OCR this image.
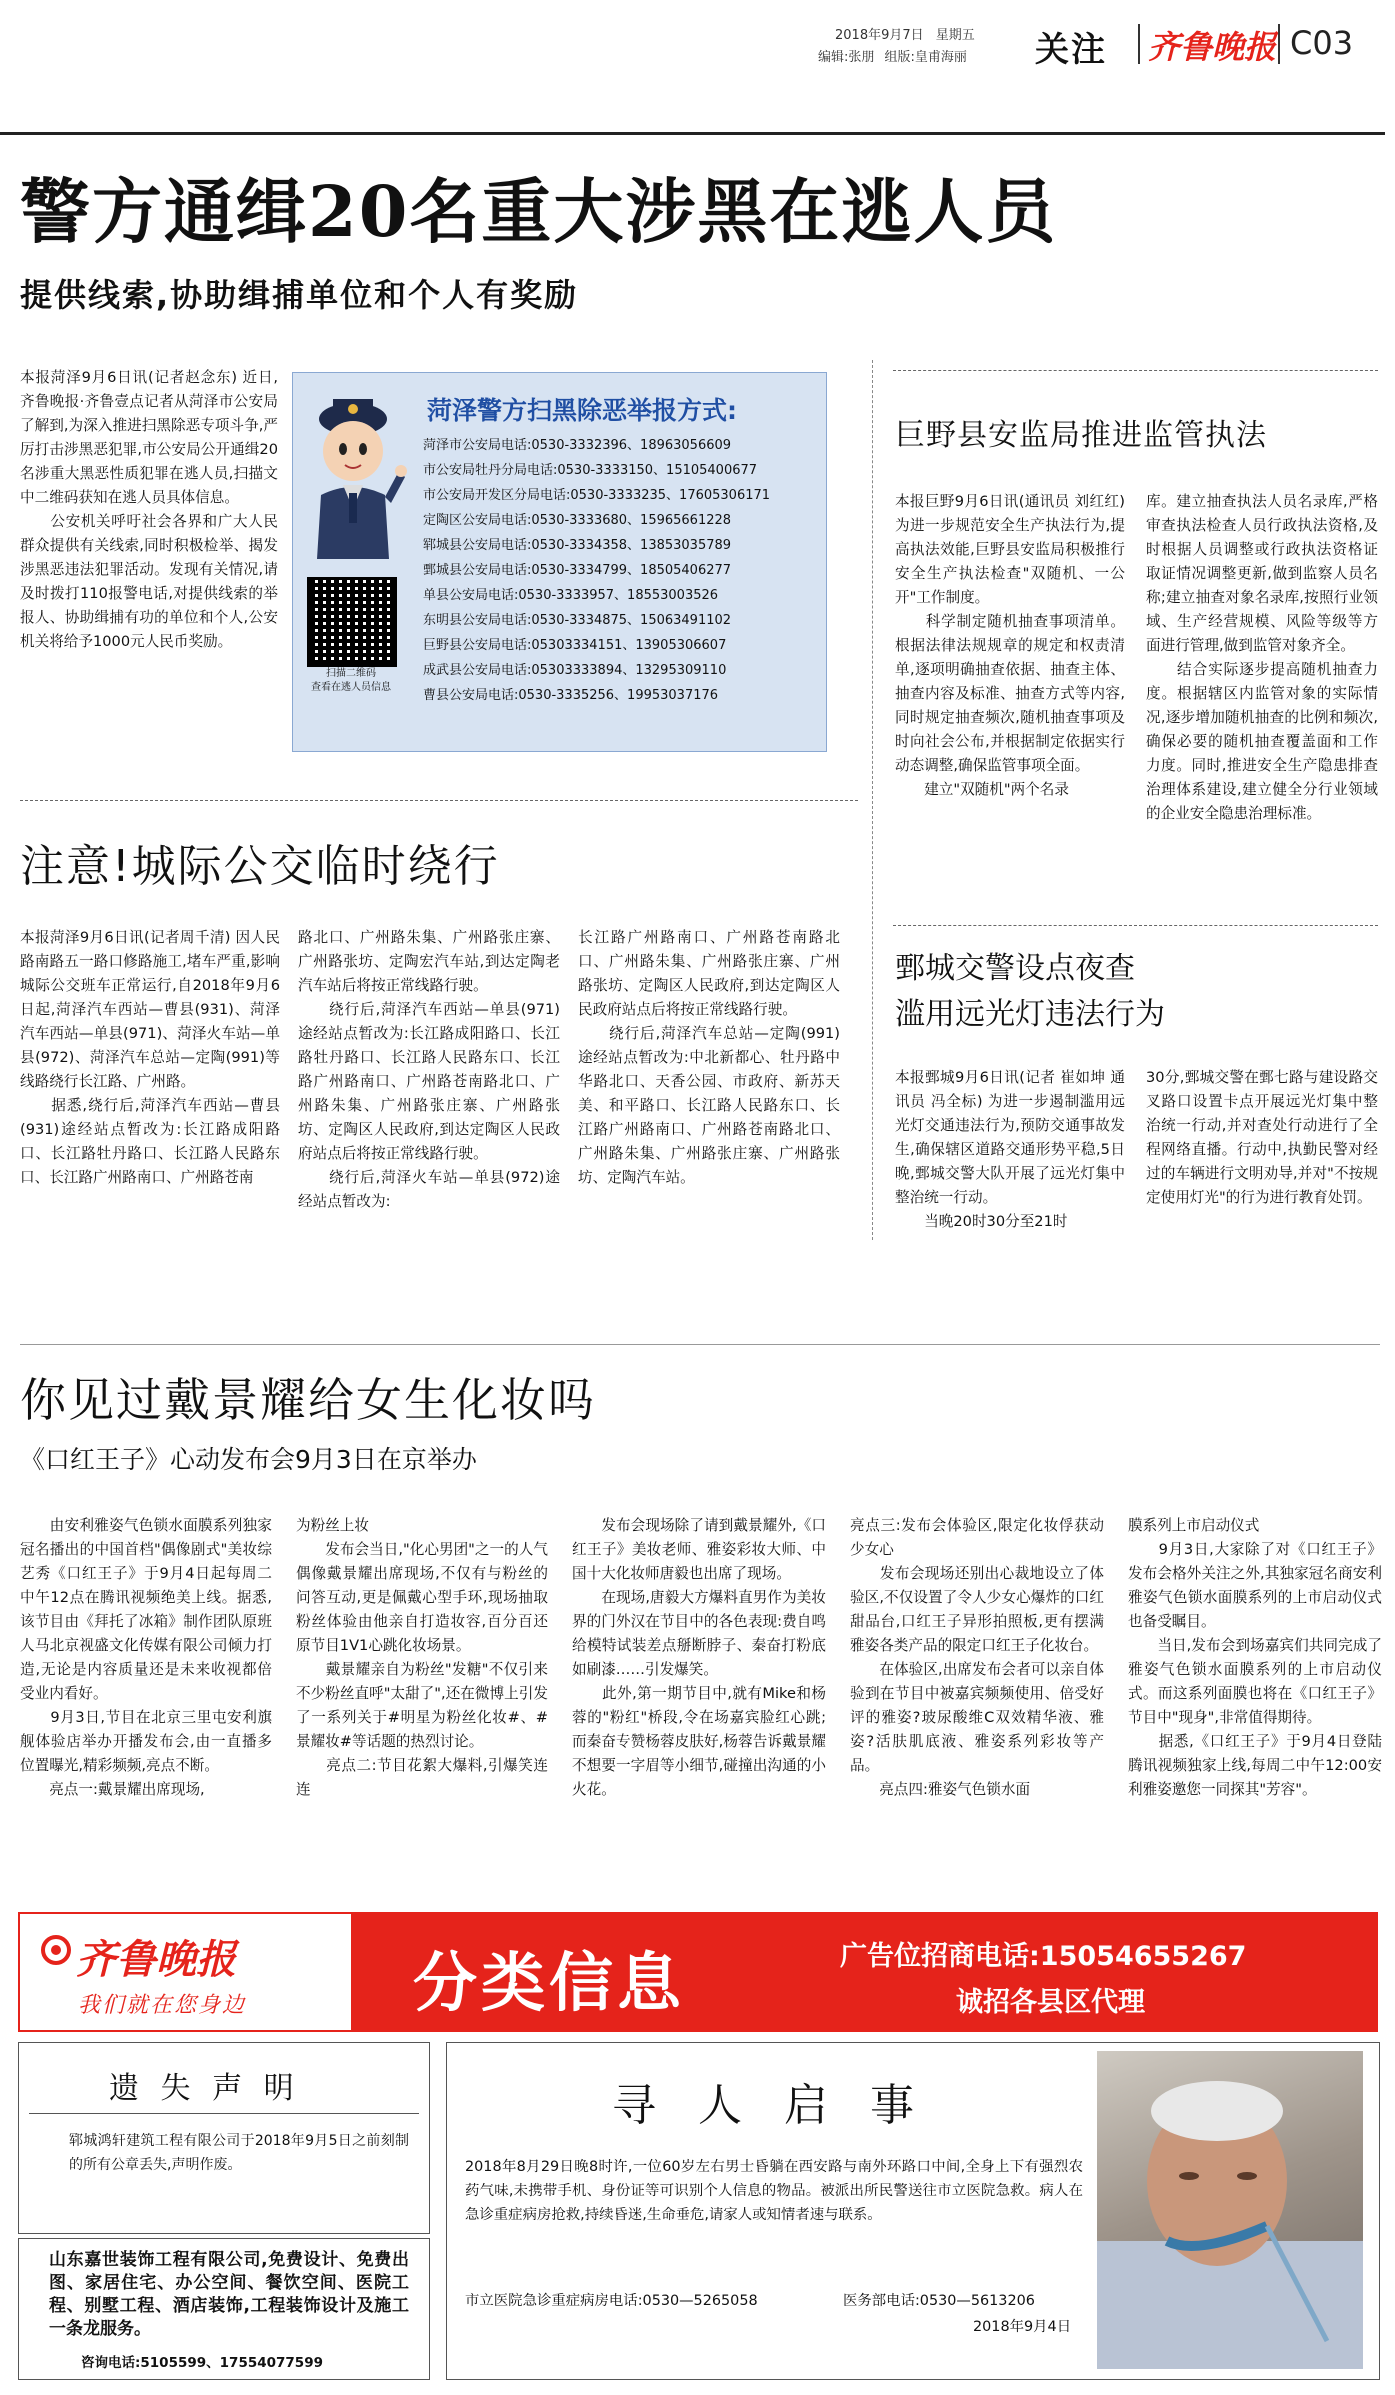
2018年9月7日 星期五
编辑:张朋 组版:皇甫海丽 关注 齐鲁晚报 C03
警方通缉20名重大涉黑在逃人员
提供线索,协助缉捕单位和个人有奖励

本报菏泽9月6日讯(记者赵念东) 近日,齐鲁晚报·齐鲁壹点记者从菏泽市公安局了解到,为深入推进扫黑除恶专项斗争,严厉打击涉黑恶犯罪,市公安局公开通缉20名涉重大黑恶性质犯罪在逃人员,扫描文中二维码获知在逃人员具体信息。
　　公安机关呼吁社会各界和广大人民群众提供有关线索,同时积极检举、揭发涉黑恶违法犯罪活动。发现有关情况,请及时拨打110报警电话,对提供线索的举报人、协助缉捕有功的单位和个人,公安机关将给予1000元人民币奖励。

扫描二维码
查看在逃人员信息
菏泽警方扫黑除恶举报方式:
菏泽市公安局电话:0530-3332396、18963056609
市公安局牡丹分局电话:0530-3333150、15105400677
市公安局开发区分局电话:0530-3333235、17605306171
定陶区公安局电话:0530-3333680、15965661228
郓城县公安局电话:0530-3334358、13853035789
鄄城县公安局电话:0530-3334799、18505406277
单县公安局电话:0530-3333957、18553003526
东明县公安局电话:0530-3334875、15063491102
巨野县公安局电话:05303334151、13905306607
成武县公安局电话:05303333894、13295309110
曹县公安局电话:0530-3335256、19953037176
巨野县安监局推进监管执法

本报巨野9月6日讯(通讯员 刘红红) 为进一步规范安全生产执法行为,提高执法效能,巨野县安监局积极推行安全生产执法检查"双随机、一公开"工作制度。
　　科学制定随机抽查事项清单。根据法律法规规章的规定和权责清单,逐项明确抽查依据、抽查主体、抽查内容及标准、抽查方式等内容,同时规定抽查频次,随机抽查事项及时向社会公布,并根据制定依据实行动态调整,确保监管事项全面。
　　建立"双随机"两个名录

库。建立抽查执法人员名录库,严格审查执法检查人员行政执法资格,及时根据人员调整或行政执法资格证取证情况调整更新,做到监察人员名称;建立抽查对象名录库,按照行业领域、生产经营规模、风险等级等方面进行管理,做到监管对象齐全。
　　结合实际逐步提高随机抽查力度。根据辖区内监管对象的实际情况,逐步增加随机抽查的比例和频次,确保必要的随机抽查覆盖面和工作力度。同时,推进安全生产隐患排查治理体系建设,建立健全分行业领域的企业安全隐患治理标准。

注意!城际公交临时绕行

本报菏泽9月6日讯(记者周千清) 因人民路南路五一路口修路施工,堵车严重,影响城际公交班车正常运行,自2018年9月6日起,菏泽汽车西站—曹县(931)、菏泽汽车西站—单县(971)、菏泽火车站—单县(972)、菏泽汽车总站—定陶(991)等线路绕行长江路、广州路。
　　据悉,绕行后,菏泽汽车西站—曹县(931)途经站点暂改为:长江路成阳路口、长江路牡丹路口、长江路人民路东口、长江路广州路南口、广州路苍南

路北口、广州路朱集、广州路张庄寨、广州路张坊、定陶宏汽车站,到达定陶老汽车站后将按正常线路行驶。
　　绕行后,菏泽汽车西站—单县(971)途经站点暂改为:长江路成阳路口、长江路牡丹路口、长江路人民路东口、长江路广州路南口、广州路苍南路北口、广州路朱集、广州路张庄寨、广州路张坊、定陶区人民政府,到达定陶区人民政府站点后将按正常线路行驶。
　　绕行后,菏泽火车站—单县(972)途经站点暂改为:

长江路广州路南口、广州路苍南路北口、广州路朱集、广州路张庄寨、广州路张坊、定陶区人民政府,到达定陶区人民政府站点后将按正常线路行驶。
　　绕行后,菏泽汽车总站—定陶(991)途经站点暂改为:中北新都心、牡丹路中华路北口、天香公园、市政府、新苏天美、和平路口、长江路人民路东口、长江路广州路南口、广州路苍南路北口、广州路朱集、广州路张庄寨、广州路张坊、定陶汽车站。

鄄城交警设点夜查
滥用远光灯违法行为

本报鄄城9月6日讯(记者 崔如坤 通讯员 冯全标) 为进一步遏制滥用远光灯交通违法行为,预防交通事故发生,确保辖区道路交通形势平稳,5日晚,鄄城交警大队开展了远光灯集中整治统一行动。
　　当晚20时30分至21时

30分,鄄城交警在鄄七路与建设路交叉路口设置卡点开展远光灯集中整治统一行动,并对查处行动进行了全程网络直播。行动中,执勤民警对经过的车辆进行文明劝导,并对"不按规定使用灯光"的行为进行教育处罚。

你见过戴景耀给女生化妆吗
《口红王子》心动发布会9月3日在京举办

　　由安利雅姿气色锁水面膜系列独家冠名播出的中国首档"偶像剧式"美妆综艺秀《口红王子》于9月4日起每周二中午12点在腾讯视频绝美上线。据悉,该节目由《拜托了冰箱》制作团队原班人马北京视盛文化传媒有限公司倾力打造,无论是内容质量还是未来收视都倍受业内看好。
　　9月3日,节目在北京三里屯安利旗舰体验店举办开播发布会,由一直播多位置曝光,精彩频频,亮点不断。
　　亮点一:戴景耀出席现场,

为粉丝上妆
　　发布会当日,"化心男团"之一的人气偶像戴景耀出席现场,不仅有与粉丝的问答互动,更是佩戴心型手环,现场抽取粉丝体验由他亲自打造妆容,百分百还原节目1V1心跳化妆场景。
　　戴景耀亲自为粉丝"发糖"不仅引来不少粉丝直呼"太甜了",还在微博上引发了一系列关于#明星为粉丝化妆#、#景耀妆#等话题的热烈讨论。
　　亮点二:节目花絮大爆料,引爆笑连连

　　发布会现场除了请到戴景耀外,《口红王子》美妆老师、雅姿彩妆大师、中国十大化妆师唐毅也出席了现场。
　　在现场,唐毅大方爆料直男作为美妆界的门外汉在节目中的各色表现:费自鸣给模特试装差点掰断脖子、秦奋打粉底如刷漆……引发爆笑。
　　此外,第一期节目中,就有Mike和杨蓉的"粉红"桥段,令在场嘉宾脸红心跳;而秦奋专赞杨蓉皮肤好,杨蓉告诉戴景耀不想要一字眉等小细节,碰撞出沟通的小火花。

亮点三:发布会体验区,限定化妆俘获动少女心
　　发布会现场还别出心裁地设立了体验区,不仅设置了令人少女心爆炸的口红甜品台,口红王子异形拍照板,更有摆满雅姿各类产品的限定口红王子化妆台。
　　在体验区,出席发布会者可以亲自体验到在节目中被嘉宾频频使用、倍受好评的雅姿?玻尿酸维C双效精华液、雅姿?活肤肌底液、雅姿系列彩妆等产品。
　　亮点四:雅姿气色锁水面

膜系列上市启动仪式
　　9月3日,大家除了对《口红王子》发布会格外关注之外,其独家冠名商安利雅姿气色锁水面膜系列的上市启动仪式也备受瞩目。
　　当日,发布会到场嘉宾们共同完成了雅姿气色锁水面膜系列的上市启动仪式。而这系列面膜也将在《口红王子》节目中"现身",非常值得期待。
　　据悉,《口红王子》于9月4日登陆腾讯视频独家上线,每周二中午12:00安利雅姿邀您一同探其"芳容"。

齐鲁晚报
我们就在您身边	分类信息	广告位招商电话:15054655267
诚招各县区代理
遗 失 声 明

郓城鸿轩建筑工程有限公司于2018年9月5日之前刻制的所有公章丢失,声明作废。

山东嘉世装饰工程有限公司,免费设计、免费出图、家居住宅、办公空间、餐饮空间、医院工程、别墅工程、酒店装饰,工程装饰设计及施工一条龙服务。

咨询电话:5105599、17554077599
寻 人 启 事

2018年8月29日晚8时许,一位60岁左右男士昏躺在西安路与南外环路口中间,全身上下有强烈农药气味,未携带手机、身份证等可识别个人信息的物品。被派出所民警送往市立医院急救。病人在急诊重症病房抢救,持续昏迷,生命垂危,请家人或知情者速与联系。

市立医院急诊重症病房电话:0530—5265058	医务部电话:0530—5613206
2018年9月4日
